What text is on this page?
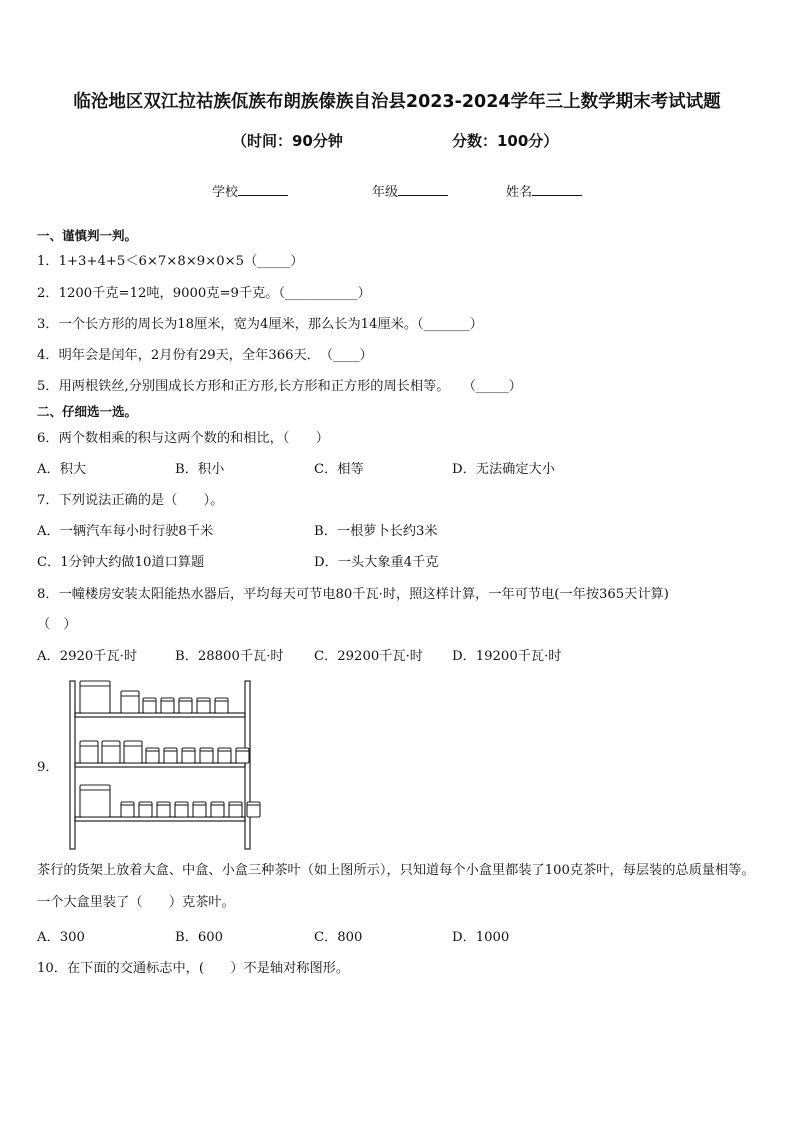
临沧地区双江拉祜族佤族布朗族傣族自治县2023-2024学年三上数学期末考试试题
（时间：90分钟	分数：100分）
学校	年级	姓名
一、谨慎判一判。
1．1+3+4+5＜6×7×8×9×0×5（_____）
2．1200千克=12吨，9000克=9千克。（___________）
3．一个长方形的周长为18厘米，宽为4厘米，那么长为14厘米。（_______）
4．明年会是闰年，2月份有29天，全年366天．　（____）
5．用两根铁丝,分别围成长方形和正方形,长方形和正方形的周长相等。　　（_____）
二、仔细选一选。
6．两个数相乘的积与这两个数的和相比，（　　）
A．积大	B．积小	C．相等	D．无法确定大小
7．下列说法正确的是（　　）。
A．一辆汽车每小时行驶8千米	B．一根萝卜长约3米
C．1分钟大约做10道口算题	D．一头大象重4千克
8．一幢楼房安装太阳能热水器后，平均每天可节电80千瓦·时，照这样计算，一年可节电(一年按365天计算)
（　）
A．2920千瓦·时	B．28800千瓦·时 C．29200千瓦·时 D．19200千瓦·时
9．
茶行的货架上放着大盒、中盒、小盒三种茶叶（如上图所示），只知道每个小盒里都装了100克茶叶，每层装的总质量相等。一个大盒里装了（　　）克茶叶。
A．300	B．600	C．800	D．1000
10．在下面的交通标志中，(　　）不是轴对称图形。
